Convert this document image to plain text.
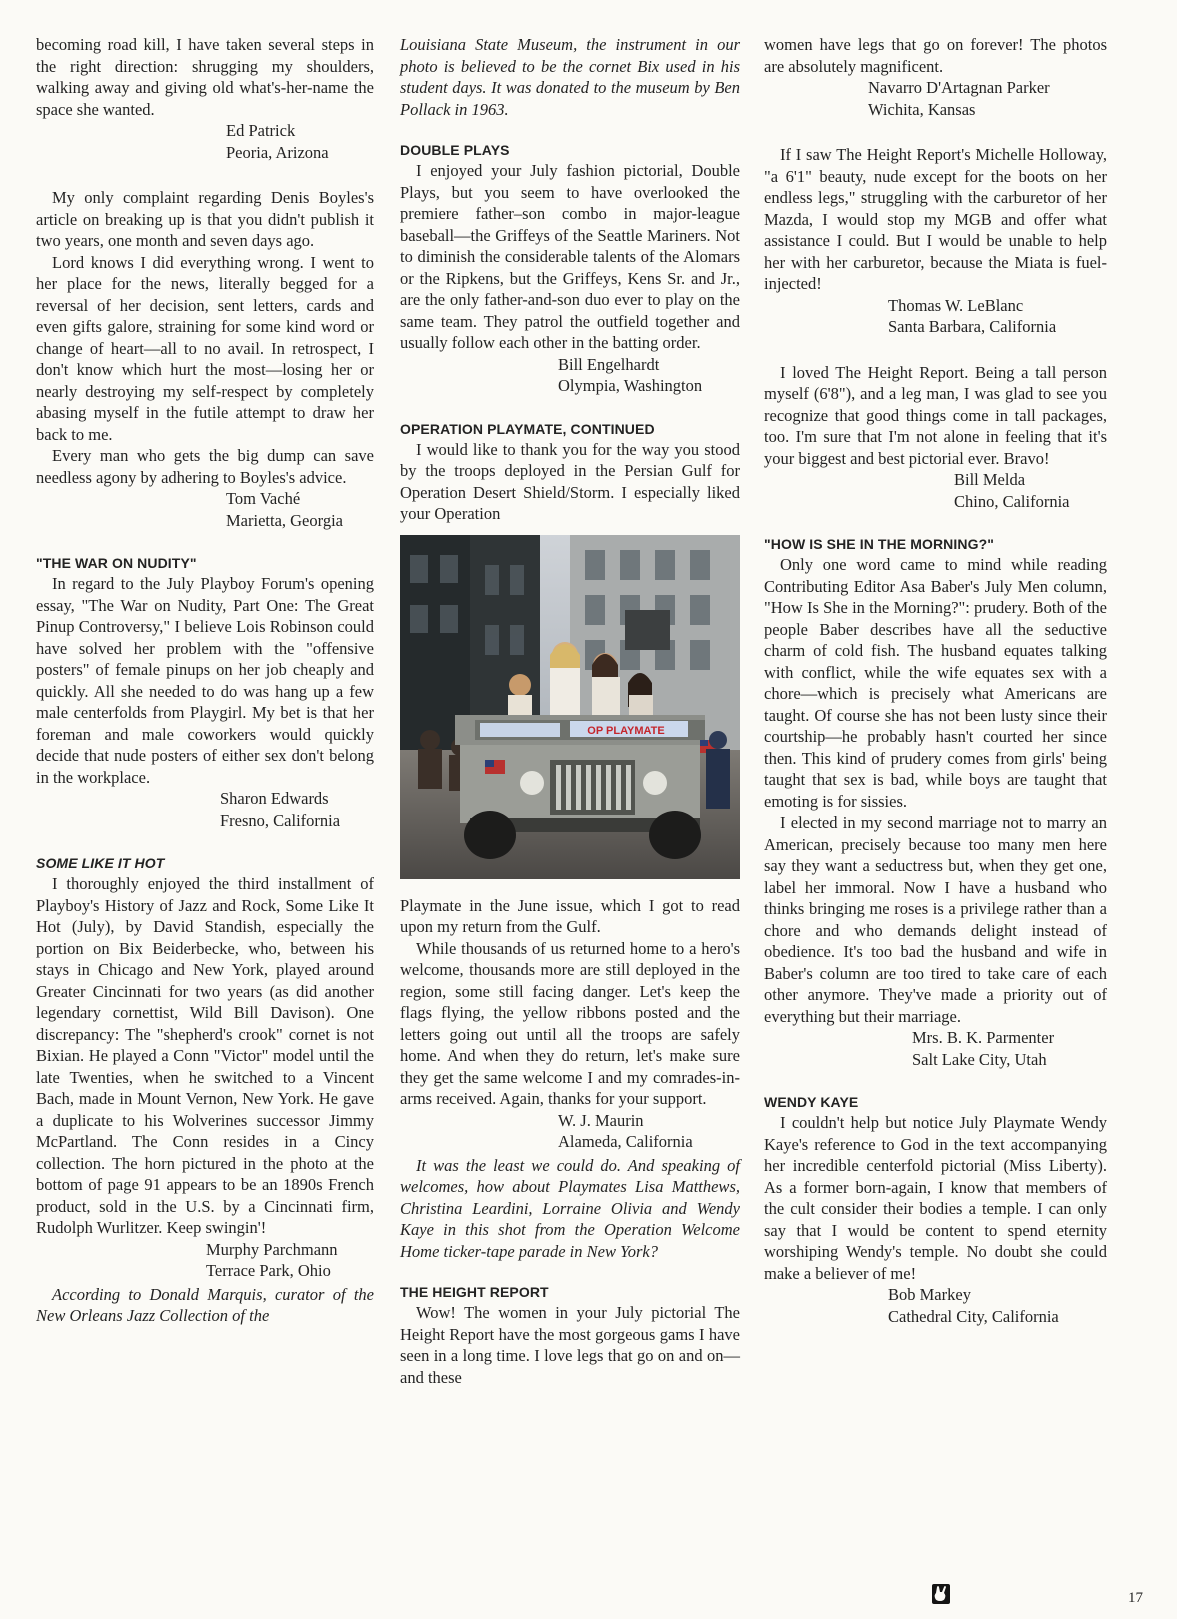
becoming road kill, I have taken several steps in the right direction: shrugging my shoulders, walking away and giving old what's-her-name the space she wanted.

Ed Patrick
Peoria, Arizona

My only complaint regarding Denis Boyles's article on breaking up is that you didn't publish it two years, one month and seven days ago.

Lord knows I did everything wrong. I went to her place for the news, literally begged for a reversal of her decision, sent letters, cards and even gifts galore, straining for some kind word or change of heart—all to no avail. In retrospect, I don't know which hurt the most—losing her or nearly destroying my self-respect by completely abasing myself in the futile attempt to draw her back to me.

Every man who gets the big dump can save needless agony by adhering to Boyles's advice.

Tom Vaché
Marietta, Georgia
"THE WAR ON NUDITY"

In regard to the July Playboy Forum's opening essay, "The War on Nudity, Part One: The Great Pinup Controversy," I believe Lois Robinson could have solved her problem with the "offensive posters" of female pinups on her job cheaply and quickly. All she needed to do was hang up a few male centerfolds from Playgirl. My bet is that her foreman and male coworkers would quickly decide that nude posters of either sex don't belong in the workplace.

Sharon Edwards
Fresno, California
SOME LIKE IT HOT

I thoroughly enjoyed the third installment of Playboy's History of Jazz and Rock, Some Like It Hot (July), by David Standish, especially the portion on Bix Beiderbecke, who, between his stays in Chicago and New York, played around Greater Cincinnati for two years (as did another legendary cornettist, Wild Bill Davison). One discrepancy: The "shepherd's crook" cornet is not Bixian. He played a Conn "Victor" model until the late Twenties, when he switched to a Vincent Bach, made in Mount Vernon, New York. He gave a duplicate to his Wolverines successor Jimmy McPartland. The Conn resides in a Cincy collection. The horn pictured in the photo at the bottom of page 91 appears to be an 1890s French product, sold in the U.S. by a Cincinnati firm, Rudolph Wurlitzer. Keep swingin'!

Murphy Parchmann
Terrace Park, Ohio

According to Donald Marquis, curator of the New Orleans Jazz Collection of the

Louisiana State Museum, the instrument in our photo is believed to be the cornet Bix used in his student days. It was donated to the museum by Ben Pollack in 1963.

DOUBLE PLAYS

I enjoyed your July fashion pictorial, Double Plays, but you seem to have overlooked the premiere father–son combo in major-league baseball—the Griffeys of the Seattle Mariners. Not to diminish the considerable talents of the Alomars or the Ripkens, but the Griffeys, Kens Sr. and Jr., are the only father-and-son duo ever to play on the same team. They patrol the outfield together and usually follow each other in the batting order.

Bill Engelhardt
Olympia, Washington
OPERATION PLAYMATE, CONTINUED

I would like to thank you for the way you stood by the troops deployed in the Persian Gulf for Operation Desert Shield/Storm. I especially liked your Operation

OP PLAYMATE

Playmate in the June issue, which I got to read upon my return from the Gulf.

While thousands of us returned home to a hero's welcome, thousands more are still deployed in the region, some still facing danger. Let's keep the flags flying, the yellow ribbons posted and the letters going out until all the troops are safely home. And when they do return, let's make sure they get the same welcome I and my comrades-in-arms received. Again, thanks for your support.

W. J. Maurin
Alameda, California

It was the least we could do. And speaking of welcomes, how about Playmates Lisa Matthews, Christina Leardini, Lorraine Olivia and Wendy Kaye in this shot from the Operation Welcome Home ticker-tape parade in New York?

THE HEIGHT REPORT

Wow! The women in your July pictorial The Height Report have the most gorgeous gams I have seen in a long time. I love legs that go on and on—and these

women have legs that go on forever! The photos are absolutely magnificent.

Navarro D'Artagnan Parker
Wichita, Kansas

If I saw The Height Report's Michelle Holloway, "a 6'1" beauty, nude except for the boots on her endless legs," struggling with the carburetor of her Mazda, I would stop my MGB and offer what assistance I could. But I would be unable to help her with her carburetor, because the Miata is fuel-injected!

Thomas W. LeBlanc
Santa Barbara, California

I loved The Height Report. Being a tall person myself (6'8"), and a leg man, I was glad to see you recognize that good things come in tall packages, too. I'm sure that I'm not alone in feeling that it's your biggest and best pictorial ever. Bravo!

Bill Melda
Chino, California
"HOW IS SHE IN THE MORNING?"

Only one word came to mind while reading Contributing Editor Asa Baber's July Men column, "How Is She in the Morning?": prudery. Both of the people Baber describes have all the seductive charm of cold fish. The husband equates talking with conflict, while the wife equates sex with a chore—which is precisely what Americans are taught. Of course she has not been lusty since their courtship—he probably hasn't courted her since then. This kind of prudery comes from girls' being taught that sex is bad, while boys are taught that emoting is for sissies.

I elected in my second marriage not to marry an American, precisely because too many men here say they want a seductress but, when they get one, label her immoral. Now I have a husband who thinks bringing me roses is a privilege rather than a chore and who demands delight instead of obedience. It's too bad the husband and wife in Baber's column are too tired to take care of each other anymore. They've made a priority out of everything but their marriage.

Mrs. B. K. Parmenter
Salt Lake City, Utah
WENDY KAYE

I couldn't help but notice July Playmate Wendy Kaye's reference to God in the text accompanying her incredible centerfold pictorial (Miss Liberty). As a former born-again, I know that members of the cult consider their bodies a temple. I can only say that I would be content to spend eternity worshiping Wendy's temple. No doubt she could make a believer of me!

Bob Markey
Cathedral City, California
17
